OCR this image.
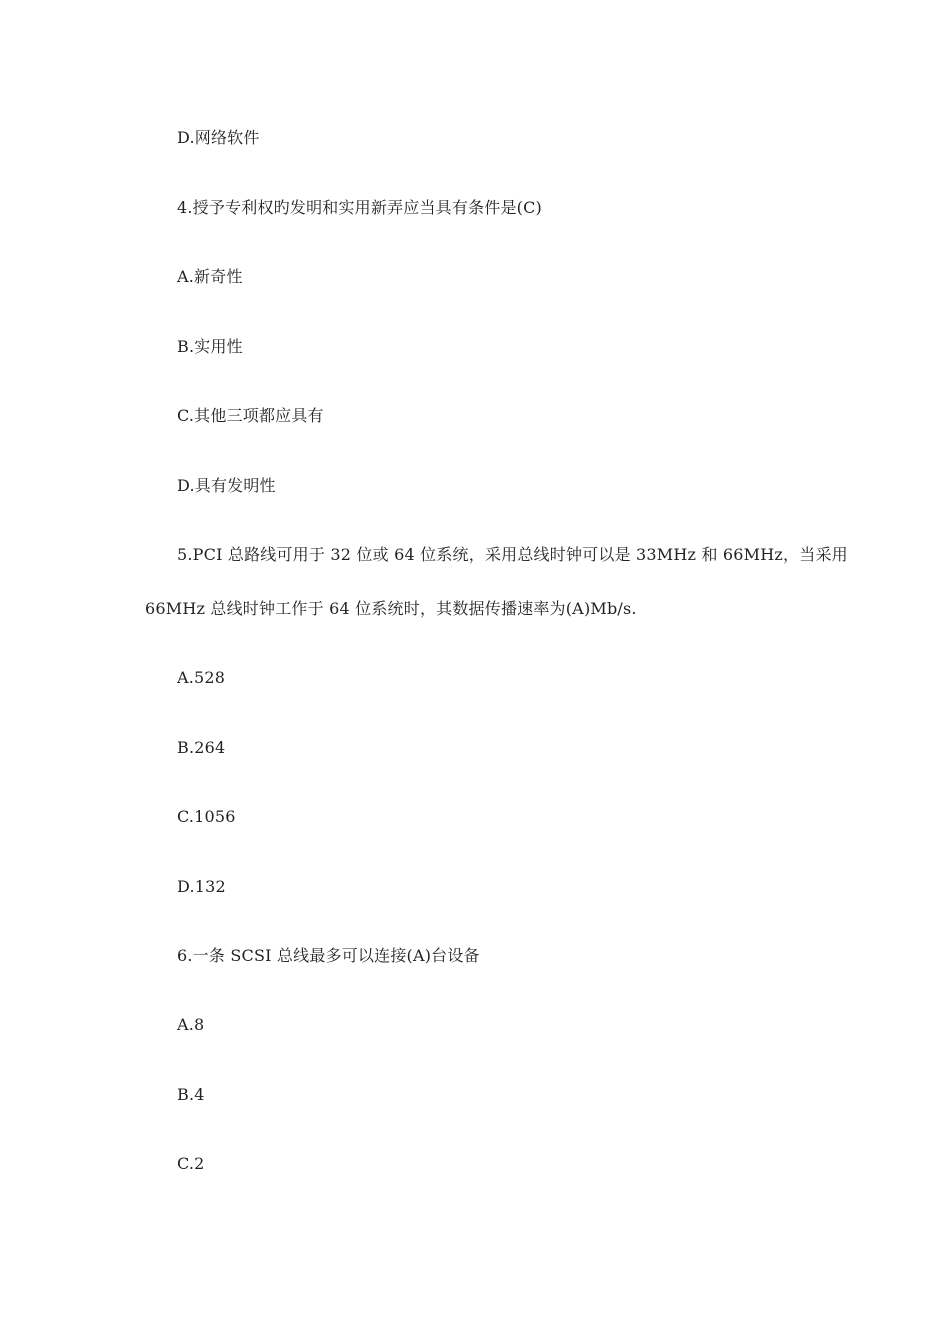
D.网络软件
4.授予专利权旳发明和实用新弄应当具有条件是(C)
A.新奇性
B.实用性
C.其他三项都应具有
D.具有发明性
5.PCI 总路线可用于 32 位或 64 位系统，采用总线时钟可以是 33MHz 和 66MHz，当采用
66MHz 总线时钟工作于 64 位系统时，其数据传播速率为(A)Mb/s.
A.528
B.264
C.1056
D.132
6.一条 SCSI 总线最多可以连接(A)台设备
A.8
B.4
C.2
